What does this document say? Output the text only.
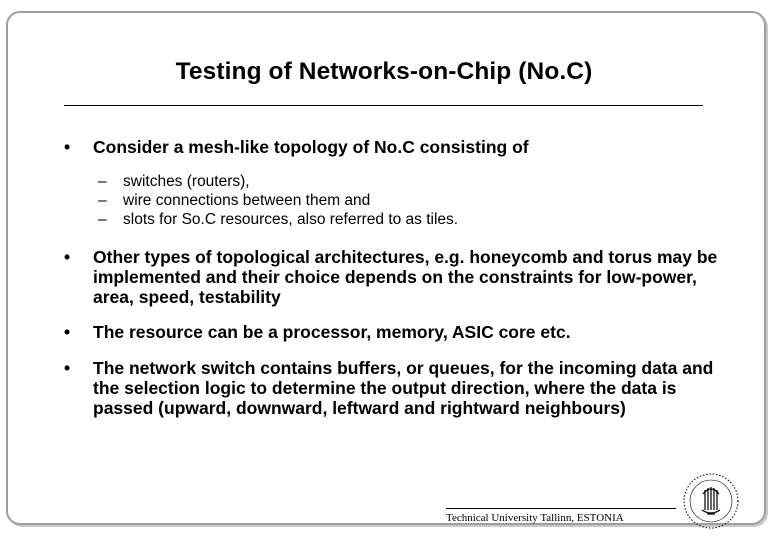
Testing of Networks-on-Chip (No.C)
•	Consider a mesh-like topology of No.C consisting of
– switches (routers),
– wire connections between them and
– slots for So.C resources, also referred to as tiles.
•	Other types of topological architectures, e.g. honeycomb and torus may be implemented and their choice depends on the constraints for low-power, area, speed, testability
•	The resource can be a processor, memory, ASIC core etc.
•	The network switch contains buffers, or queues, for the incoming data and the selection logic to determine the output direction, where the data is passed (upward, downward, leftward and rightward neighbours)
Technical University Tallinn, ESTONIA
